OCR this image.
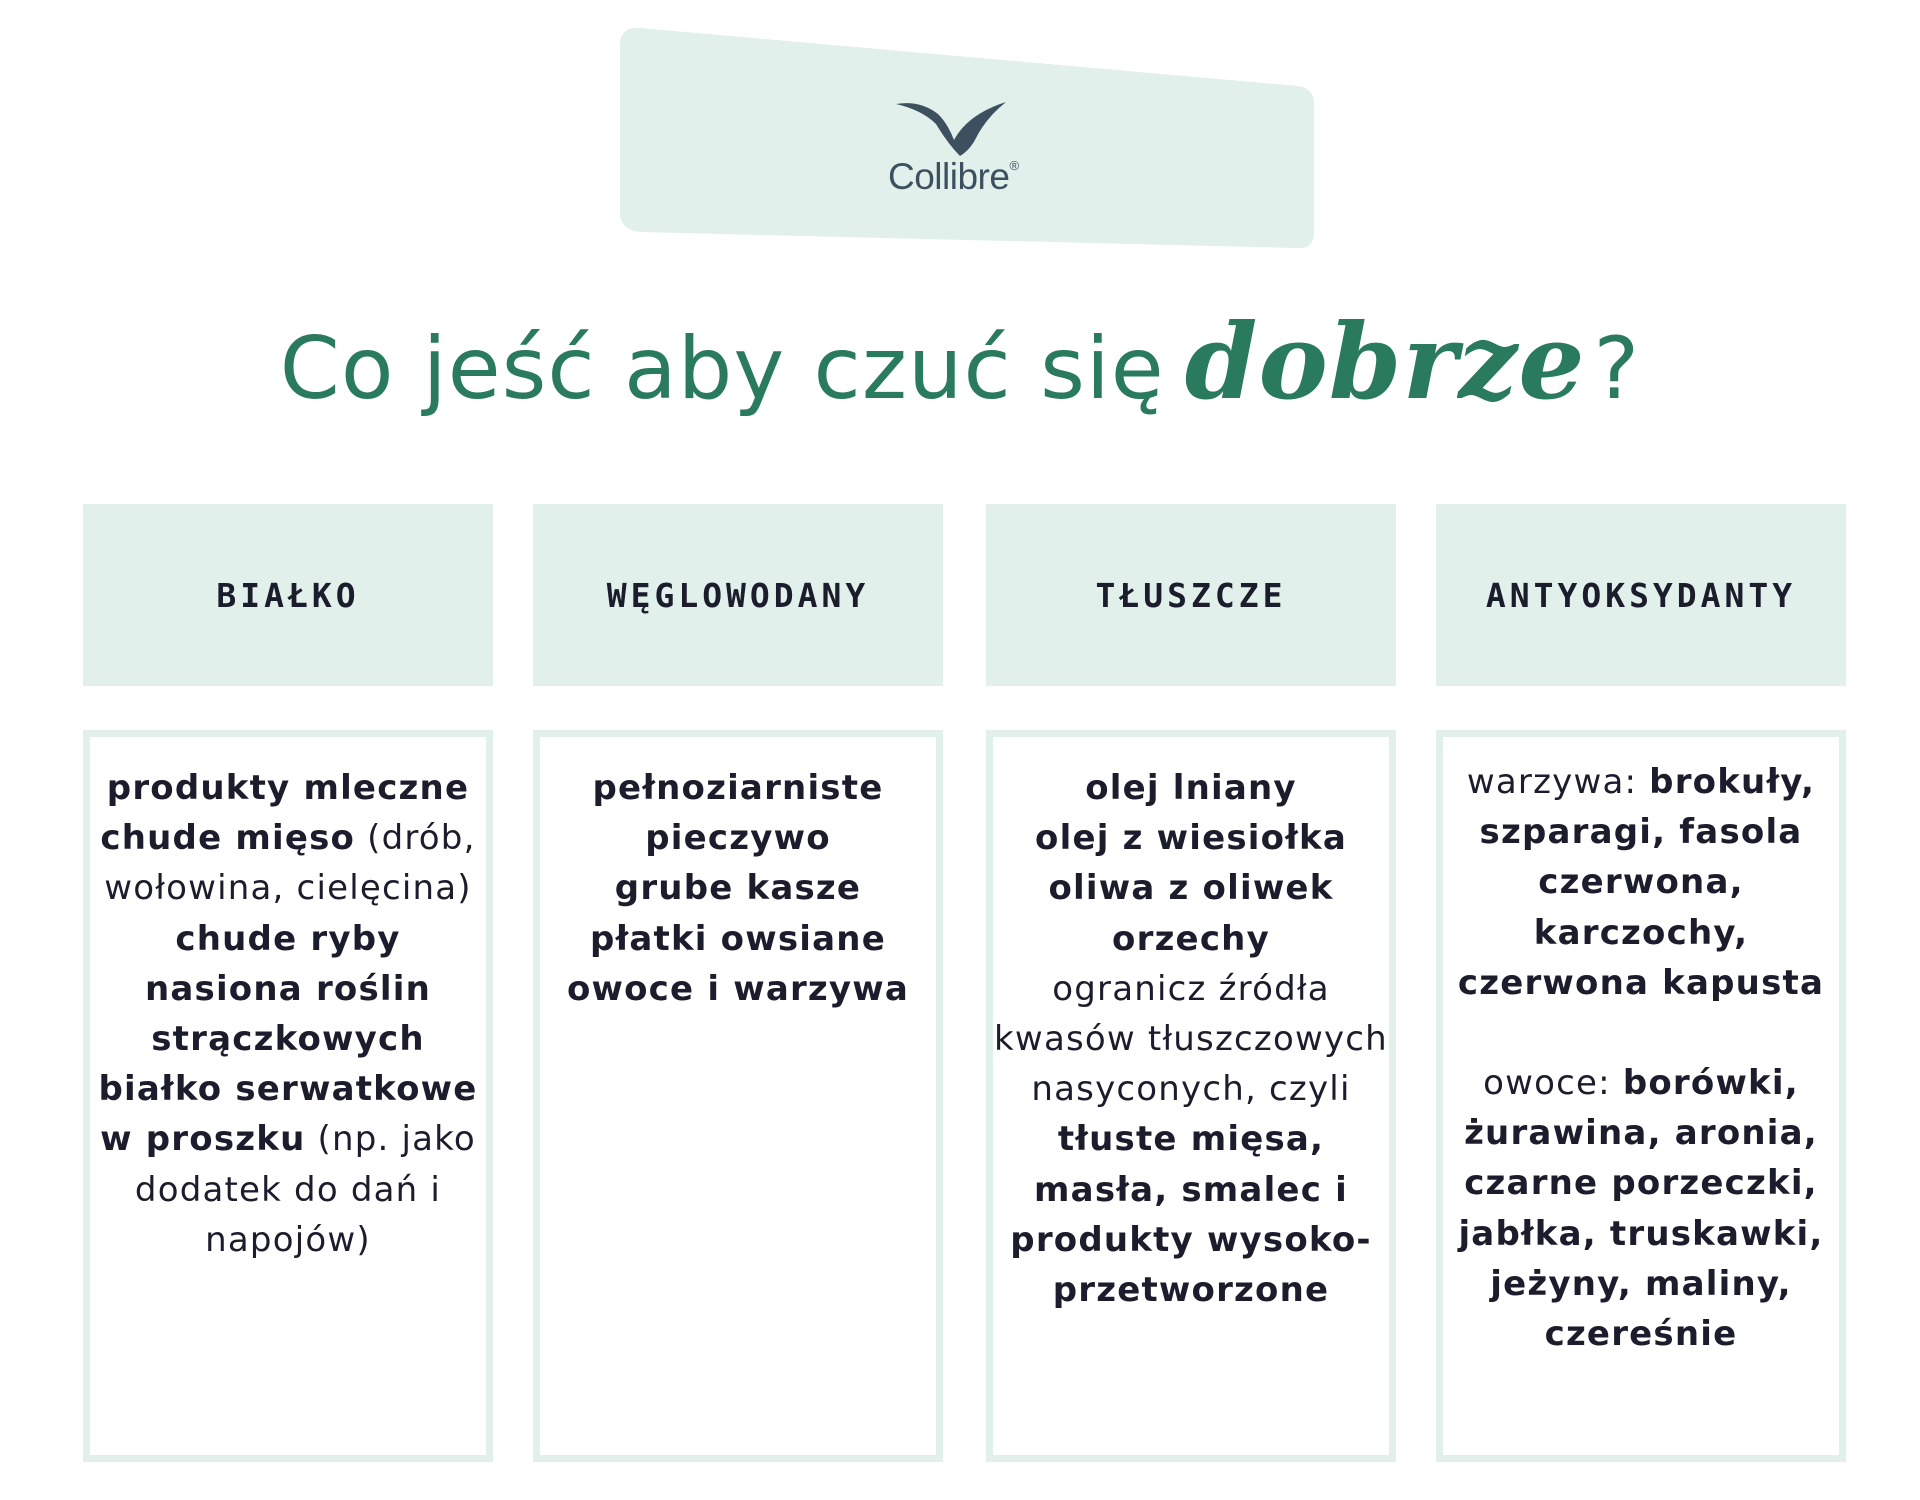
Collibre®
Co jeść aby czuć się dobrze?
BIAŁKO
produkty mleczne
chude mięso (drób, wołowina, cielęcina)
chude ryby
nasiona roślin strączkowych
białko serwatkowe w proszku (np. jako dodatek do dań i napojów)
WĘGLOWODANY
pełnoziarniste pieczywo
grube kasze
płatki owsiane
owoce i warzywa
TŁUSZCZE
olej lniany
olej z wiesiołka
oliwa z oliwek
orzechy
ogranicz źródła kwasów tłuszczowych nasyconych, czyli
tłuste mięsa, masła, smalec i produkty wysoko-przetworzone
ANTYOKSYDANTY
warzywa: brokuły, szparagi, fasola czerwona, karczochy, czerwona kapusta
owoce: borówki, żurawina, aronia, czarne porzeczki, jabłka, truskawki, jeżyny, maliny, czereśnie
